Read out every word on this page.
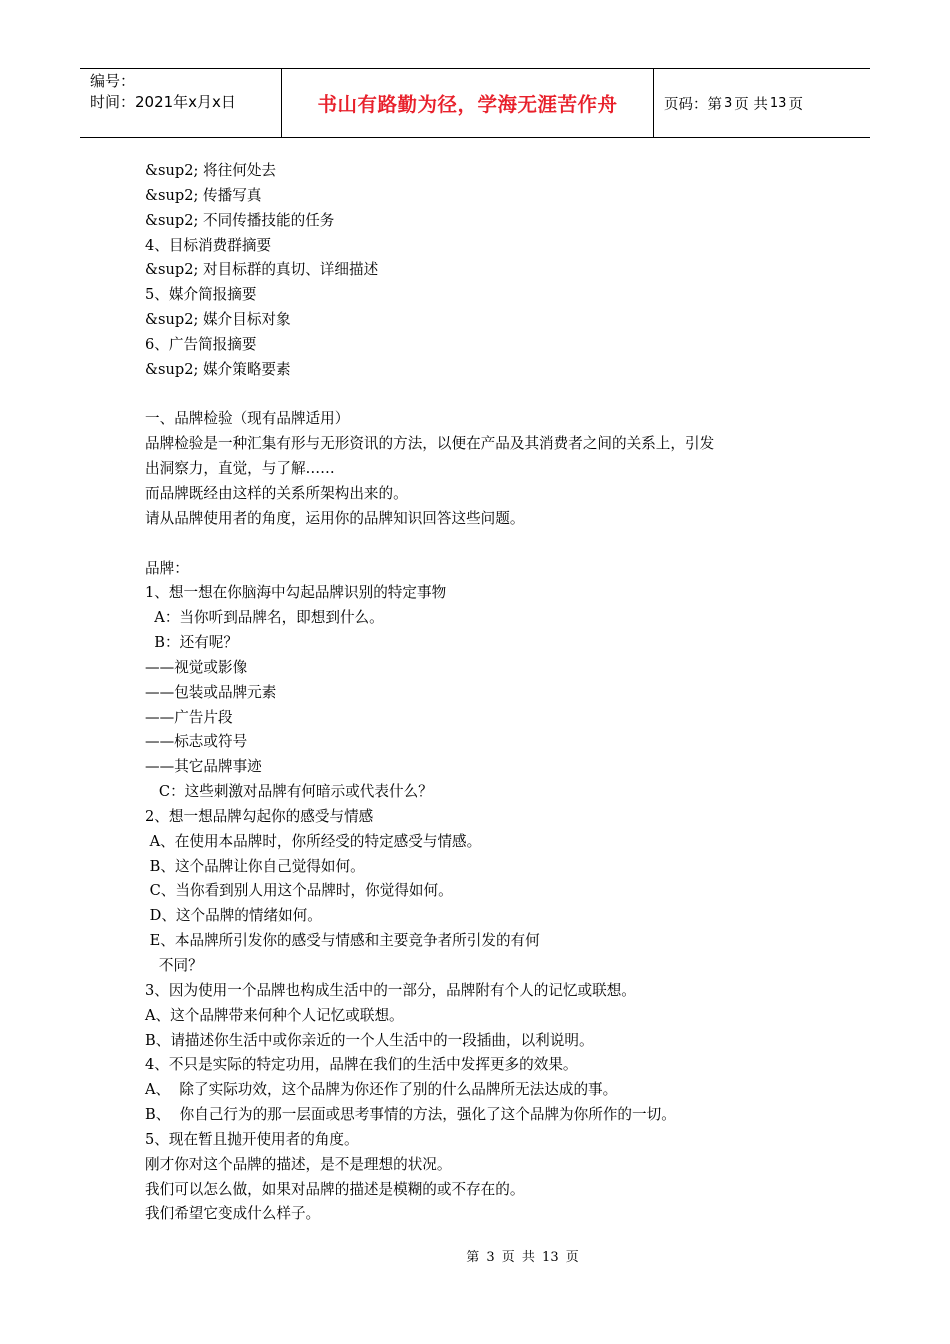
编号：
时间：2021年x月x日	书山有路勤为径，学海无涯苦作舟	页码：第 3 页 共 13 页
&sup2; 将往何处去
&sup2; 传播写真
&sup2; 不同传播技能的任务
4、目标消费群摘要
&sup2; 对目标群的真切、详细描述
5、媒介简报摘要
&sup2; 媒介目标对象
6、广告简报摘要
&sup2; 媒介策略要素
一、品牌检验（现有品牌适用）
品牌检验是一种汇集有形与无形资讯的方法，以便在产品及其消费者之间的关系上，引发
出洞察力，直觉，与了解……
而品牌既经由这样的关系所架构出来的。
请从品牌使用者的角度，运用你的品牌知识回答这些问题。
品牌：
1、想一想在你脑海中勾起品牌识别的特定事物
A：当你听到品牌名，即想到什么。
B：还有呢？
——视觉或影像
——包装或品牌元素
——广告片段
——标志或符号
——其它品牌事迹
C：这些刺激对品牌有何暗示或代表什么？
2、想一想品牌勾起你的感受与情感
A、在使用本品牌时，你所经受的特定感受与情感。
B、这个品牌让你自己觉得如何。
C、当你看到别人用这个品牌时，你觉得如何。
D、这个品牌的情绪如何。
E、本品牌所引发你的感受与情感和主要竞争者所引发的有何
不同？
3、因为使用一个品牌也构成生活中的一部分，品牌附有个人的记忆或联想。
A、这个品牌带来何种个人记忆或联想。
B、请描述你生活中或你亲近的一个人生活中的一段插曲，以利说明。
4、不只是实际的特定功用，品牌在我们的生活中发挥更多的效果。
A、  除了实际功效，这个品牌为你还作了别的什么品牌所无法达成的事。
B、  你自己行为的那一层面或思考事情的方法，强化了这个品牌为你所作的一切。
5、现在暂且抛开使用者的角度。
刚才你对这个品牌的描述，是不是理想的状况。
我们可以怎么做，如果对品牌的描述是模糊的或不存在的。
我们希望它变成什么样子。
第 3 页 共 13 页
